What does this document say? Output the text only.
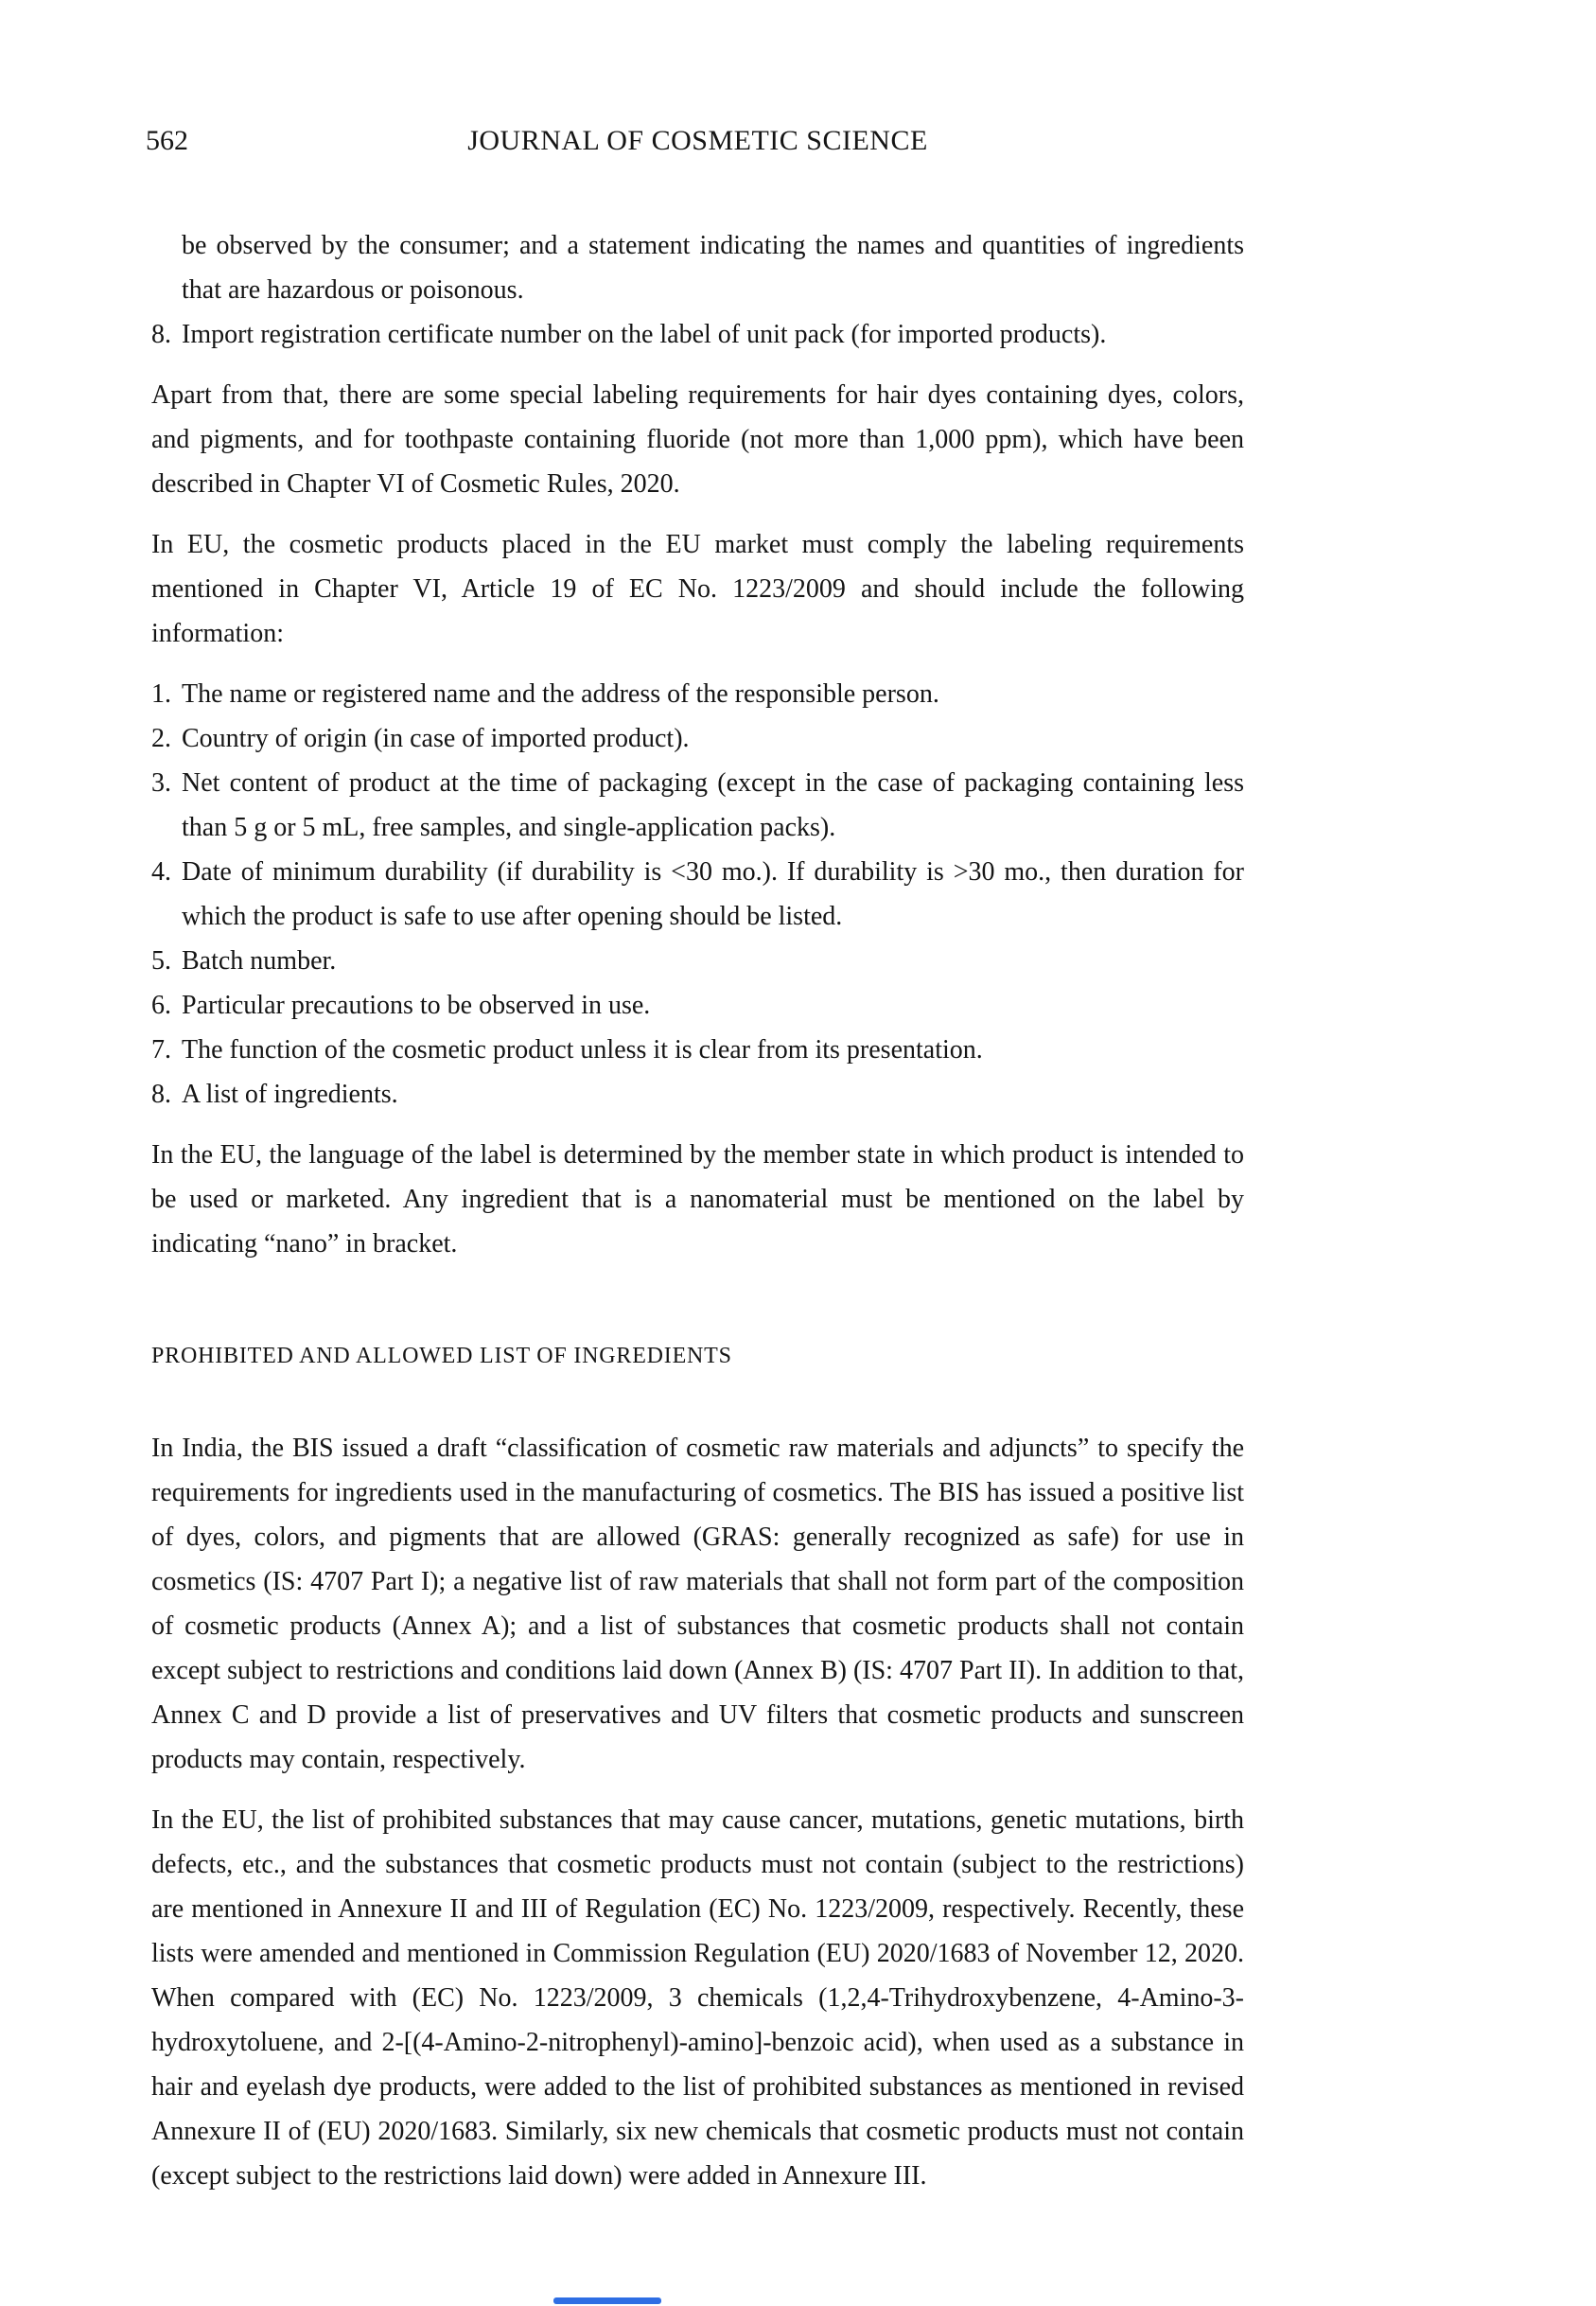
562	JOURNAL OF COSMETIC SCIENCE
be observed by the consumer; and a statement indicating the names and quantities of ingredients that are hazardous or poisonous.
8. Import registration certificate number on the label of unit pack (for imported products).

Apart from that, there are some special labeling requirements for hair dyes containing dyes, colors, and pigments, and for toothpaste containing fluoride (not more than 1,000 ppm), which have been described in Chapter VI of Cosmetic Rules, 2020.

In EU, the cosmetic products placed in the EU market must comply the labeling requirements mentioned in Chapter VI, Article 19 of EC No. 1223/2009 and should include the following information:

1. The name or registered name and the address of the responsible person.
2. Country of origin (in case of imported product).
3. Net content of product at the time of packaging (except in the case of packaging containing less than 5 g or 5 mL, free samples, and single-application packs).
4. Date of minimum durability (if durability is <30 mo.). If durability is >30 mo., then duration for which the product is safe to use after opening should be listed.
5. Batch number.
6. Particular precautions to be observed in use.
7. The function of the cosmetic product unless it is clear from its presentation.
8. A list of ingredients.

In the EU, the language of the label is determined by the member state in which product is intended to be used or marketed. Any ingredient that is a nanomaterial must be mentioned on the label by indicating “nano” in bracket.

PROHIBITED AND ALLOWED LIST OF INGREDIENTS

In India, the BIS issued a draft “classification of cosmetic raw materials and adjuncts” to specify the requirements for ingredients used in the manufacturing of cosmetics. The BIS has issued a positive list of dyes, colors, and pigments that are allowed (GRAS: generally recognized as safe) for use in cosmetics (IS: 4707 Part I); a negative list of raw materials that shall not form part of the composition of cosmetic products (Annex A); and a list of substances that cosmetic products shall not contain except subject to restrictions and conditions laid down (Annex B) (IS: 4707 Part II). In addition to that, Annex C and D provide a list of preservatives and UV filters that cosmetic products and sunscreen products may contain, respectively.

In the EU, the list of prohibited substances that may cause cancer, mutations, genetic mutations, birth defects, etc., and the substances that cosmetic products must not contain (subject to the restrictions) are mentioned in Annexure II and III of Regulation (EC) No. 1223/2009, respectively. Recently, these lists were amended and mentioned in Commission Regulation (EU) 2020/1683 of November 12, 2020. When compared with (EC) No. 1223/2009, 3 chemicals (1,2,4-Trihydroxybenzene, 4-Amino-3-hydroxytoluene, and 2-[(4-Amino-2-nitrophenyl)-amino]-benzoic acid), when used as a substance in hair and eyelash dye products, were added to the list of prohibited substances as mentioned in revised Annexure II of (EU) 2020/1683. Similarly, six new chemicals that cosmetic products must not contain (except subject to the restrictions laid down) were added in Annexure III.
